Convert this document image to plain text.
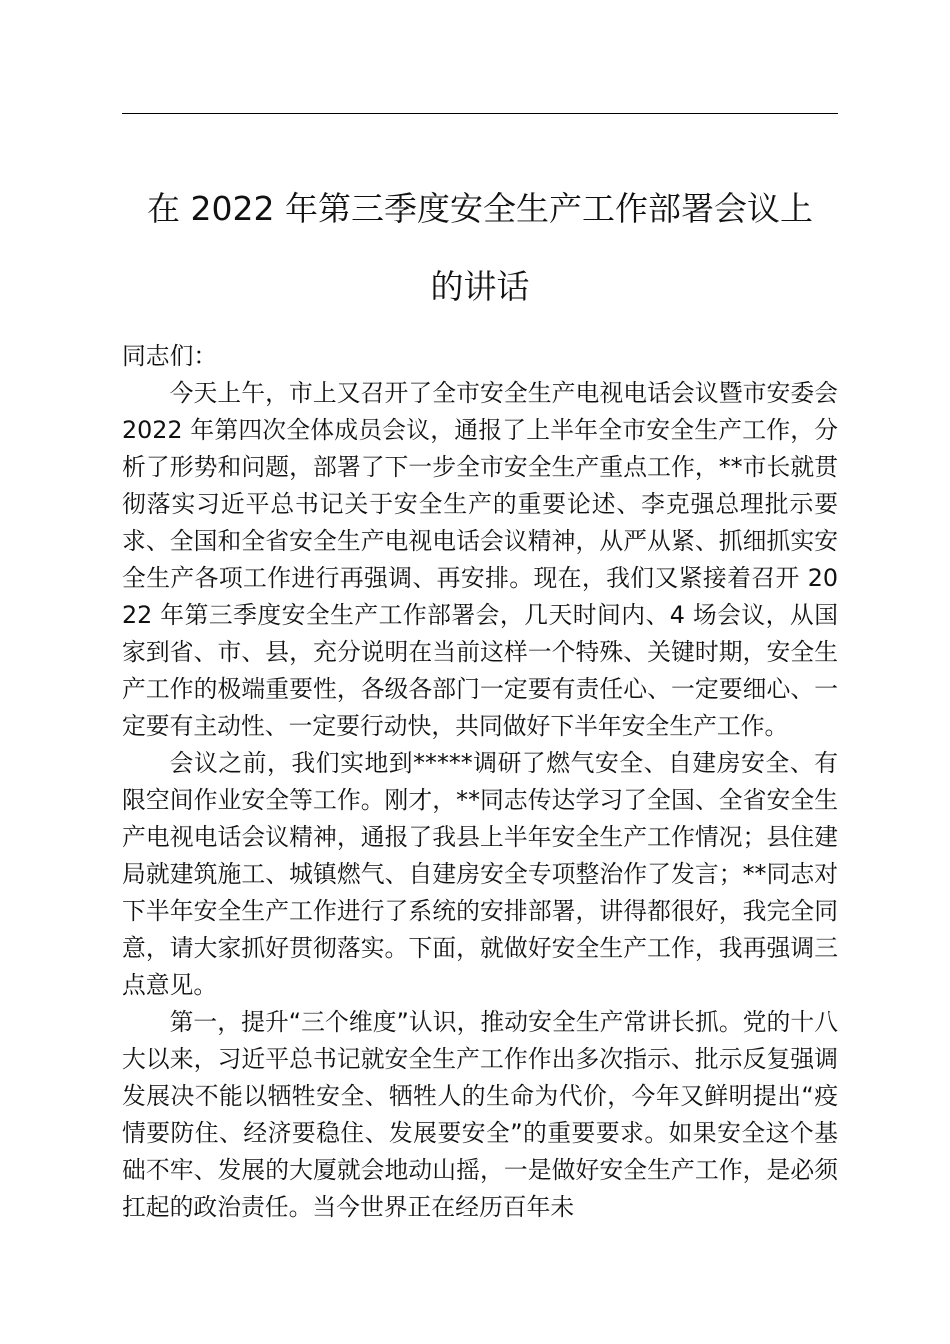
在 2022 年第三季度安全生产工作部署会议上
的讲话

同志们：

今天上午，市上又召开了全市安全生产电视电话会议暨市安委会 2022 年第四次全体成员会议，通报了上半年全市安全生产工作，分析了形势和问题，部署了下一步全市安全生产重点工作，**市长就贯彻落实习近平总书记关于安全生产的重要论述、李克强总理批示要求、全国和全省安全生产电视电话会议精神，从严从紧、抓细抓实安全生产各项工作进行再强调、再安排。现在，我们又紧接着召开 2022 年第三季度安全生产工作部署会，几天时间内、4 场会议，从国家到省、市、县，充分说明在当前这样一个特殊、关键时期，安全生产工作的极端重要性，各级各部门一定要有责任心、一定要细心、一定要有主动性、一定要行动快，共同做好下半年安全生产工作。

会议之前，我们实地到*****调研了燃气安全、自建房安全、有限空间作业安全等工作。刚才，**同志传达学习了全国、全省安全生产电视电话会议精神，通报了我县上半年安全生产工作情况；县住建局就建筑施工、城镇燃气、自建房安全专项整治作了发言；**同志对下半年安全生产工作进行了系统的安排部署，讲得都很好，我完全同意，请大家抓好贯彻落实。下面，就做好安全生产工作，我再强调三点意见。

第一，提升“三个维度”认识，推动安全生产常讲长抓。党的十八大以来，习近平总书记就安全生产工作作出多次指示、批示反复强调发展决不能以牺牲安全、牺牲人的生命为代价，今年又鲜明提出“疫情要防住、经济要稳住、发展要安全”的重要要求。如果安全这个基础不牢、发展的大厦就会地动山摇，一是做好安全生产工作，是必须扛起的政治责任。当今世界正在经历百年未
